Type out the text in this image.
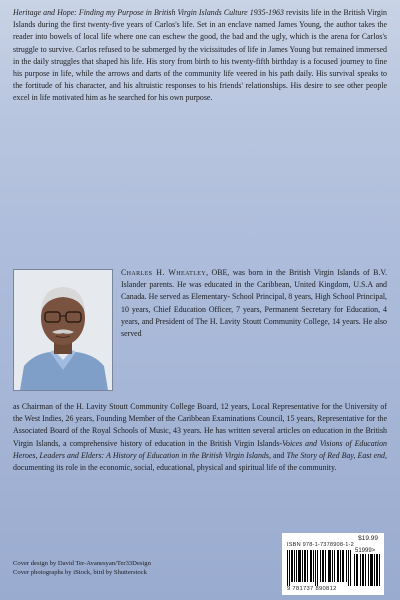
Heritage and Hope: Finding my Purpose in British Virgin Islands Culture 1935-1963 revisits life in the British Virgin Islands during the first twenty-five years of Carlos's life. Set in an enclave named James Young, the author takes the reader into bowels of local life where one can eschew the good, the bad and the ugly, which is the arena for Carlos's struggle to survive. Carlos refused to be submerged by the vicissitudes of life in James Young but remained immersed in the daily struggles that shaped his life. His story from birth to his twenty-fifth birthday is a focused journey to fine his purpose in life, while the arrows and darts of the community life veered in his path daily. His survival speaks to the fortitude of his character, and his altruistic responses to his friends' relationships. His desire to see other people excel in life motivated him as he searched for his own purpose.

Charles H. Wheatley, OBE, was born in the British Virgin Islands of B.V. Islander parents. He was educated in the Caribbean, United Kingdom, U.S.A and Canada. He served as Elementary- School Principal, 8 years, High School Principal, 10 years, Chief Education Officer, 7 years, Permanent Secretary for Education, 4 years, and President of The H. Lavity Stoutt Community College, 14 years. He also served

as Chairman of the H. Lavity Stoutt Community College Board, 12 years, Local Representative for the University of the West Indies, 26 years, Founding Member of the Caribbean Examinations Council, 15 years, Representative for the Associated Board of the Royal Schools of Music, 43 years. He has written several articles on education in the British Virgin Islands, a comprehensive history of education in the British Virgin Islands-Voices and Visions of Education Heroes, Leaders and Elders: A History of Education in the British Virgin Islands, and The Story of Red Bay, East end, documenting its role in the economic, social, educational, physical and spiritual life of the community.

Cover design by David Ter-Avanesyan/Ter33Design
Cover photographs by iStock, bird by Shutterstock
$19.99
ISBN 978-1-7378908-1-2
51999>
9 781737 890812
